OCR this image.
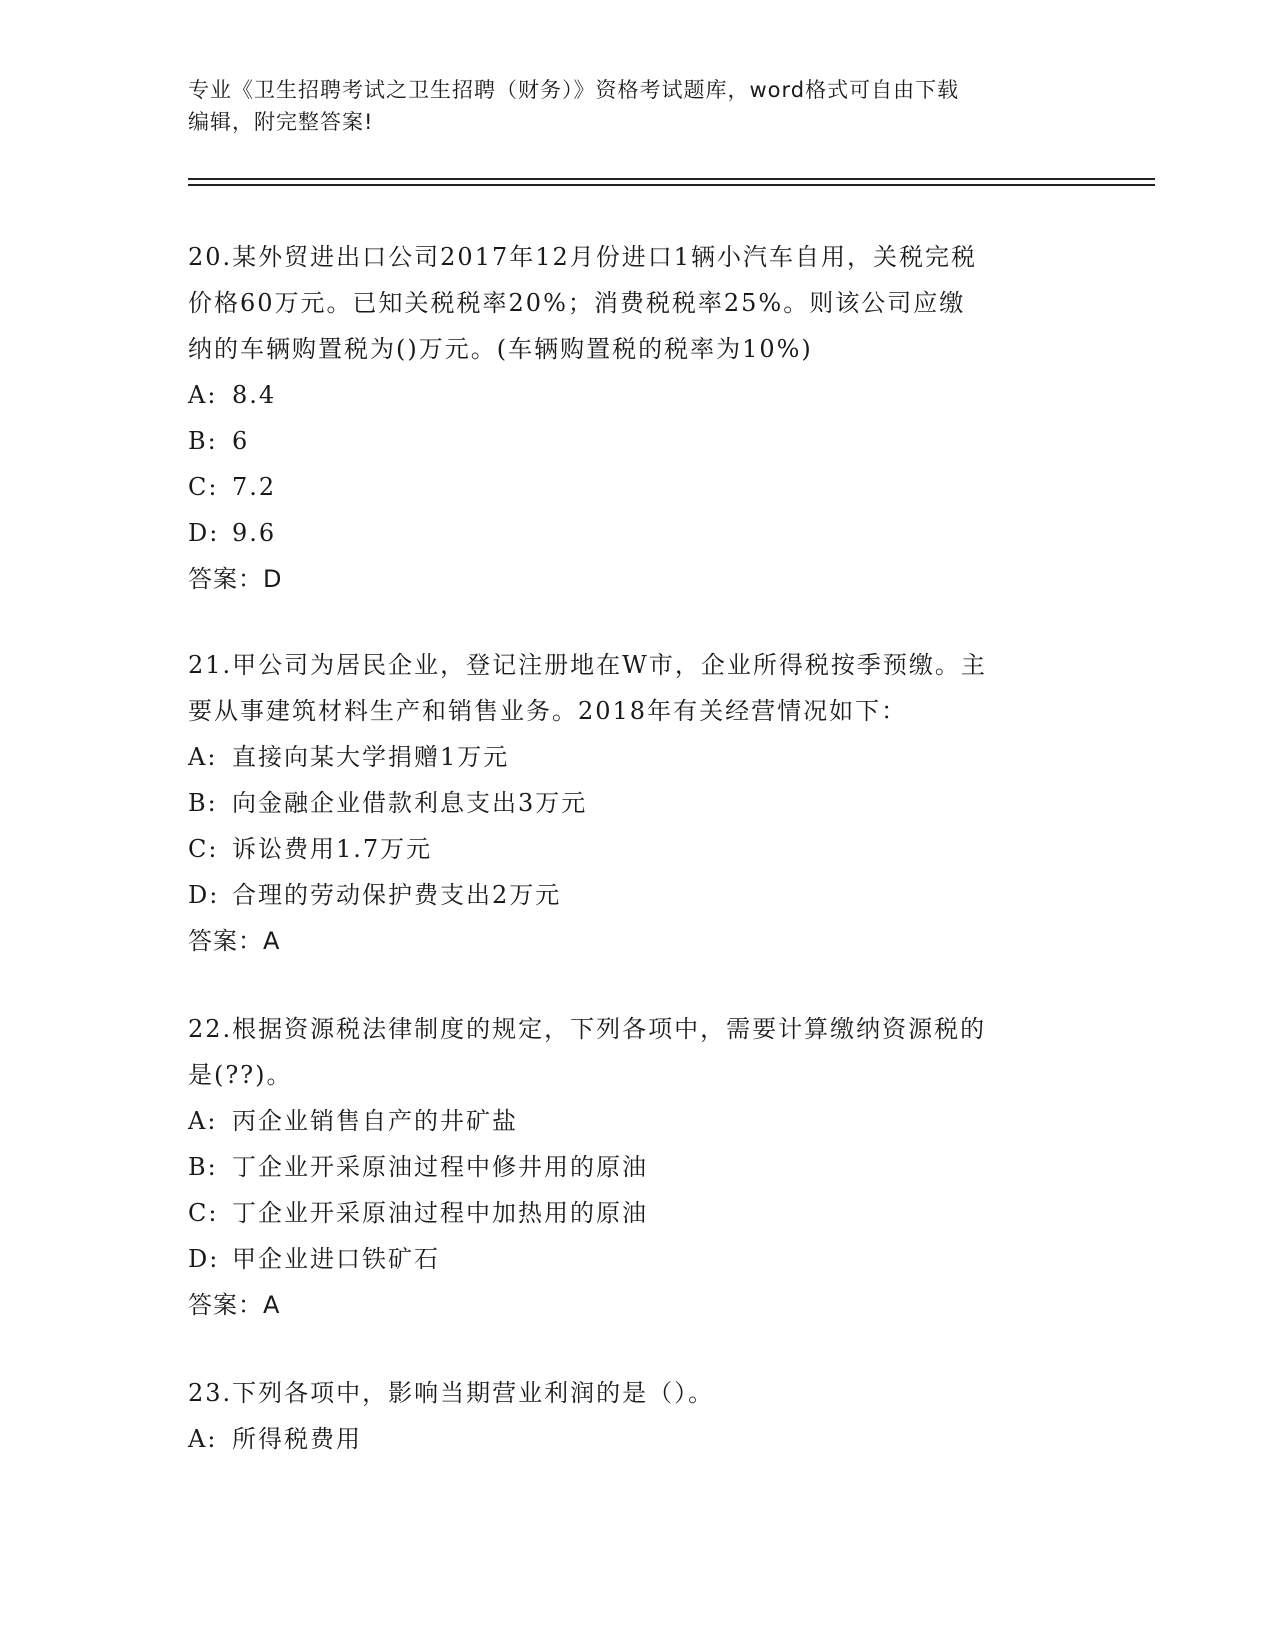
专业《卫生招聘考试之卫生招聘（财务）》资格考试题库，word格式可自由下载
编辑，附完整答案!
20.某外贸进出口公司2017年12月份进口1辆小汽车自用，关税完税
价格60万元。已知关税税率20%；消费税税率25%。则该公司应缴
纳的车辆购置税为()万元。(车辆购置税的税率为10%)
A: 8.4
B: 6
C: 7.2
D: 9.6
答案：D
21.甲公司为居民企业，登记注册地在W市，企业所得税按季预缴。主
要从事建筑材料生产和销售业务。2018年有关经营情况如下：
A: 直接向某大学捐赠1万元
B: 向金融企业借款利息支出3万元
C: 诉讼费用1.7万元
D: 合理的劳动保护费支出2万元
答案：A
22.根据资源税法律制度的规定，下列各项中，需要计算缴纳资源税的
是(??)。
A: 丙企业销售自产的井矿盐
B: 丁企业开采原油过程中修井用的原油
C: 丁企业开采原油过程中加热用的原油
D: 甲企业进口铁矿石
答案：A
23.下列各项中，影响当期营业利润的是（）。
A: 所得税费用
